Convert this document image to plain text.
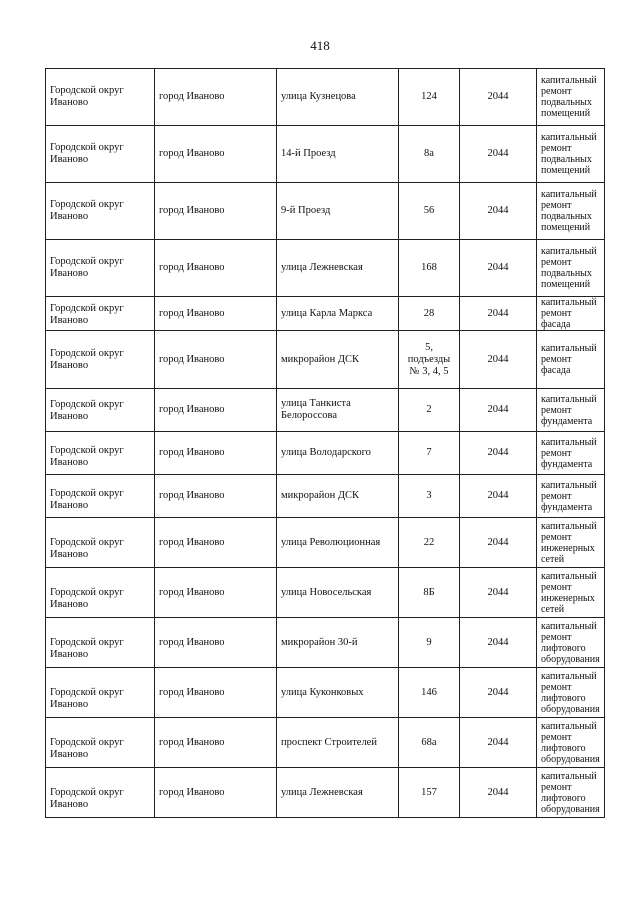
418
Городской округ Иваново	город Иваново	улица Кузнецова	124	2044	капитальный ремонт подвальных помещений
Городской округ Иваново	город Иваново	14-й Проезд	8а	2044	капитальный ремонт подвальных помещений
Городской округ Иваново	город Иваново	9-й Проезд	56	2044	капитальный ремонт подвальных помещений
Городской округ Иваново	город Иваново	улица Лежневская	168	2044	капитальный ремонт подвальных помещений
Городской округ Иваново	город Иваново	улица Карла Маркса	28	2044	капитальный ремонт фасада
Городской округ Иваново	город Иваново	микрорайон ДСК	5, подъезды № 3, 4, 5	2044	капитальный ремонт фасада
Городской округ Иваново	город Иваново	улица Танкиста Белороссова	2	2044	капитальный ремонт фундамента
Городской округ Иваново	город Иваново	улица Володарского	7	2044	капитальный ремонт фундамента
Городской округ Иваново	город Иваново	микрорайон ДСК	3	2044	капитальный ремонт фундамента
Городской округ Иваново	город Иваново	улица Революционная	22	2044	капитальный ремонт инженерных сетей
Городской округ Иваново	город Иваново	улица Новосельская	8Б	2044	капитальный ремонт инженерных сетей
Городской округ Иваново	город Иваново	микрорайон 30-й	9	2044	капитальный ремонт лифтового оборудования
Городской округ Иваново	город Иваново	улица Куконковых	146	2044	капитальный ремонт лифтового оборудования
Городской округ Иваново	город Иваново	проспект Строителей	68а	2044	капитальный ремонт лифтового оборудования
Городской округ Иваново	город Иваново	улица Лежневская	157	2044	капитальный ремонт лифтового оборудования
